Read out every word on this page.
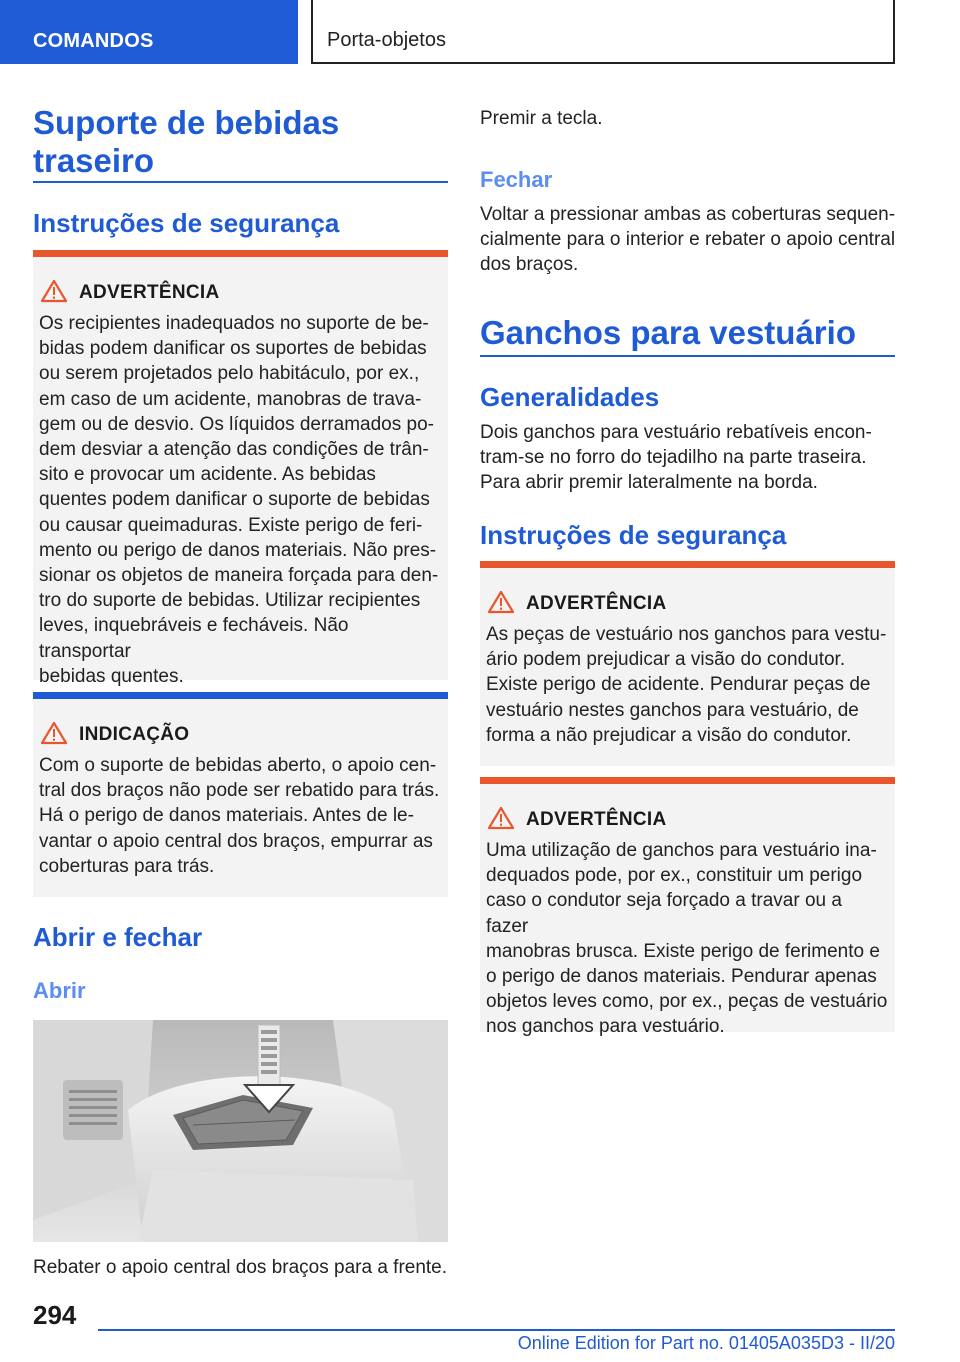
COMANDOS	Porta-objetos
Suporte de bebidas
traseiro
Instruções de segurança
ADVERTÊNCIA
Os recipientes inadequados no suporte de be-
bidas podem danificar os suportes de bebidas
ou serem projetados pelo habitáculo, por ex.,
em caso de um acidente, manobras de trava-
gem ou de desvio. Os líquidos derramados po-
dem desviar a atenção das condições de trân-
sito e provocar um acidente. As bebidas
quentes podem danificar o suporte de bebidas
ou causar queimaduras. Existe perigo de feri-
mento ou perigo de danos materiais. Não pres-
sionar os objetos de maneira forçada para den-
tro do suporte de bebidas. Utilizar recipientes
leves, inquebráveis e fecháveis. Não transportar
bebidas quentes.
INDICAÇÃO
Com o suporte de bebidas aberto, o apoio cen-
tral dos braços não pode ser rebatido para trás.
Há o perigo de danos materiais. Antes de le-
vantar o apoio central dos braços, empurrar as
coberturas para trás.
Abrir e fechar
Abrir
Rebater o apoio central dos braços para a frente.
Premir a tecla.
Fechar
Voltar a pressionar ambas as coberturas sequen-
cialmente para o interior e rebater o apoio central
dos braços.
Ganchos para vestuário
Generalidades
Dois ganchos para vestuário rebatíveis encon-
tram-se no forro do tejadilho na parte traseira.
Para abrir premir lateralmente na borda.
Instruções de segurança
ADVERTÊNCIA
As peças de vestuário nos ganchos para vestu-
ário podem prejudicar a visão do condutor.
Existe perigo de acidente. Pendurar peças de
vestuário nestes ganchos para vestuário, de
forma a não prejudicar a visão do condutor.
ADVERTÊNCIA
Uma utilização de ganchos para vestuário ina-
dequados pode, por ex., constituir um perigo
caso o condutor seja forçado a travar ou a fazer
manobras brusca. Existe perigo de ferimento e
o perigo de danos materiais. Pendurar apenas
objetos leves como, por ex., peças de vestuário
nos ganchos para vestuário.
294
Online Edition for Part no. 01405A035D3 - II/20
